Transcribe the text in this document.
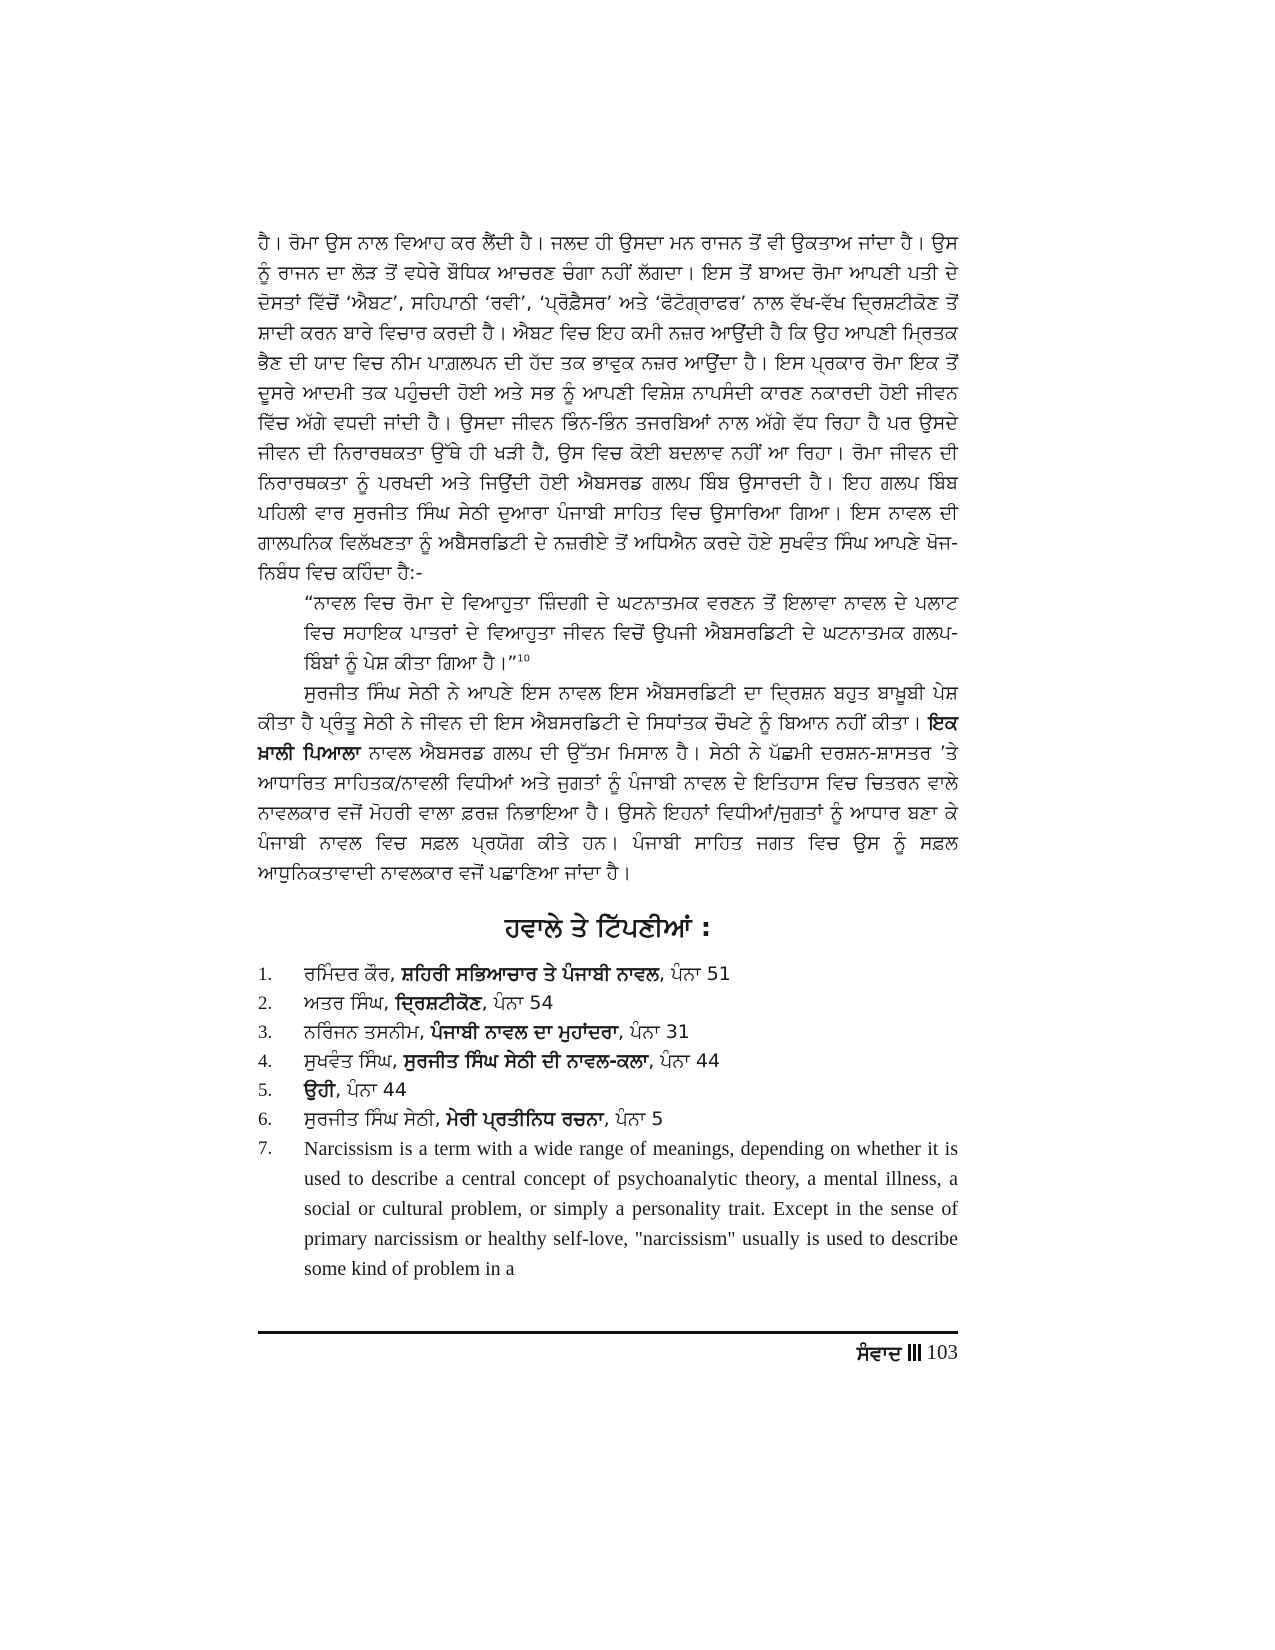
ਹੈ। ਰੋਮਾ ਉਸ ਨਾਲ ਵਿਆਹ ਕਰ ਲੈਂਦੀ ਹੈ। ਜਲਦ ਹੀ ਉਸਦਾ ਮਨ ਰਾਜਨ ਤੋਂ ਵੀ ਉਕਤਾਅ ਜਾਂਦਾ ਹੈ। ਉਸ ਨੂੰ ਰਾਜਨ ਦਾ ਲੋੜ ਤੋਂ ਵਧੇਰੇ ਬੌਧਿਕ ਆਚਰਣ ਚੰਗਾ ਨਹੀਂ ਲੱਗਦਾ। ਇਸ ਤੋਂ ਬਾਅਦ ਰੋਮਾ ਆਪਣੀ ਪਤੀ ਦੇ ਦੋਸਤਾਂ ਵਿੱਚੋਂ ‘ਐਬਟ’, ਸਹਿਪਾਠੀ ‘ਰਵੀ’, ‘ਪ੍ਰੋਫ਼ੈਸਰ’ ਅਤੇ ‘ਫੋਟੋਗ੍ਰਾਫਰ’ ਨਾਲ ਵੱਖ-ਵੱਖ ਦ੍ਰਿਸ਼ਟੀਕੋਣ ਤੋਂ ਸ਼ਾਦੀ ਕਰਨ ਬਾਰੇ ਵਿਚਾਰ ਕਰਦੀ ਹੈ। ਐਬਟ ਵਿਚ ਇਹ ਕਮੀ ਨਜ਼ਰ ਆਉਂਦੀ ਹੈ ਕਿ ਉਹ ਆਪਣੀ ਮ੍ਰਿਤਕ ਭੈਣ ਦੀ ਯਾਦ ਵਿਚ ਨੀਮ ਪਾਗ਼ਲਪਨ ਦੀ ਹੱਦ ਤਕ ਭਾਵੁਕ ਨਜ਼ਰ ਆਉਂਦਾ ਹੈ। ਇਸ ਪ੍ਰਕਾਰ ਰੋਮਾ ਇਕ ਤੋਂ ਦੂਸਰੇ ਆਦਮੀ ਤਕ ਪਹੁੰਚਦੀ ਹੋਈ ਅਤੇ ਸਭ ਨੂੰ ਆਪਣੀ ਵਿਸ਼ੇਸ਼ ਨਾਪਸੰਦੀ ਕਾਰਣ ਨਕਾਰਦੀ ਹੋਈ ਜੀਵਨ ਵਿੱਚ ਅੱਗੇ ਵਧਦੀ ਜਾਂਦੀ ਹੈ। ਉਸਦਾ ਜੀਵਨ ਭਿੰਨ-ਭਿੰਨ ਤਜਰਬਿਆਂ ਨਾਲ ਅੱਗੇ ਵੱਧ ਰਿਹਾ ਹੈ ਪਰ ਉਸਦੇ ਜੀਵਨ ਦੀ ਨਿਰਾਰਥਕਤਾ ਉੱਥੇ ਹੀ ਖੜੀ ਹੈ, ਉਸ ਵਿਚ ਕੋਈ ਬਦਲਾਵ ਨਹੀਂ ਆ ਰਿਹਾ। ਰੋਮਾ ਜੀਵਨ ਦੀ ਨਿਰਾਰਥਕਤਾ ਨੂੰ ਪਰਖਦੀ ਅਤੇ ਜਿਉਂਦੀ ਹੋਈ ਐਬਸਰਡ ਗਲਪ ਬਿੰਬ ਉਸਾਰਦੀ ਹੈ। ਇਹ ਗਲਪ ਬਿੰਬ ਪਹਿਲੀ ਵਾਰ ਸੁਰਜੀਤ ਸਿੰਘ ਸੇਠੀ ਦੁਆਰਾ ਪੰਜਾਬੀ ਸਾਹਿਤ ਵਿਚ ਉਸਾਰਿਆ ਗਿਆ। ਇਸ ਨਾਵਲ ਦੀ ਗਾਲਪਨਿਕ ਵਿਲੱਖਣਤਾ ਨੂੰ ਅਬੈਸਰਡਿਟੀ ਦੇ ਨਜ਼ਰੀਏ ਤੋਂ ਅਧਿਐਨ ਕਰਦੇ ਹੋਏ ਸੁਖਵੰਤ ਸਿੰਘ ਆਪਣੇ ਖੋਜ-ਨਿਬੰਧ ਵਿਚ ਕਹਿੰਦਾ ਹੈ:-

“ਨਾਵਲ ਵਿਚ ਰੋਮਾ ਦੇ ਵਿਆਹੁਤਾ ਜ਼ਿੰਦਗੀ ਦੇ ਘਟਨਾਤਮਕ ਵਰਣਨ ਤੋਂ ਇਲਾਵਾ ਨਾਵਲ ਦੇ ਪਲਾਟ ਵਿਚ ਸਹਾਇਕ ਪਾਤਰਾਂ ਦੇ ਵਿਆਹੁਤਾ ਜੀਵਨ ਵਿਚੋਂ ਉਪਜੀ ਐਬਸਰਡਿਟੀ ਦੇ ਘਟਨਾਤਮਕ ਗਲਪ-ਬਿੰਬਾਂ ਨੂੰ ਪੇਸ਼ ਕੀਤਾ ਗਿਆ ਹੈ।”$^{10}$

ਸੁਰਜੀਤ ਸਿੰਘ ਸੇਠੀ ਨੇ ਆਪਣੇ ਇਸ ਨਾਵਲ ਇਸ ਐਬਸਰਡਿਟੀ ਦਾ ਦ੍ਰਿਸ਼ਨ ਬਹੁਤ ਬਾਖ਼ੂਬੀ ਪੇਸ਼ ਕੀਤਾ ਹੈ ਪ੍ਰੰਤੂ ਸੇਠੀ ਨੇ ਜੀਵਨ ਦੀ ਇਸ ਐਬਸਰਡਿਟੀ ਦੇ ਸਿਧਾਂਤਕ ਚੌਖਟੇ ਨੂੰ ਬਿਆਨ ਨਹੀਂ ਕੀਤਾ। ਇਕ ਖ਼ਾਲੀ ਪਿਆਲਾ ਨਾਵਲ ਐਬਸਰਡ ਗਲਪ ਦੀ ਉੱਤਮ ਮਿਸਾਲ ਹੈ। ਸੇਠੀ ਨੇ ਪੱਛਮੀ ਦਰਸ਼ਨ-ਸ਼ਾਸਤਰ ’ਤੇ ਆਧਾਰਿਤ ਸਾਹਿਤਕ/ਨਾਵਲੀ ਵਿਧੀਆਂ ਅਤੇ ਜੁਗਤਾਂ ਨੂੰ ਪੰਜਾਬੀ ਨਾਵਲ ਦੇ ਇਤਿਹਾਸ ਵਿਚ ਚਿਤਰਨ ਵਾਲੇ ਨਾਵਲਕਾਰ ਵਜੋਂ ਮੋਹਰੀ ਵਾਲਾ ਫ਼ਰਜ਼ ਨਿਭਾਇਆ ਹੈ। ਉਸਨੇ ਇਹਨਾਂ ਵਿਧੀਆਂ/ਜੁਗਤਾਂ ਨੂੰ ਆਧਾਰ ਬਣਾ ਕੇ ਪੰਜਾਬੀ ਨਾਵਲ ਵਿਚ ਸਫ਼ਲ ਪ੍ਰਯੋਗ ਕੀਤੇ ਹਨ। ਪੰਜਾਬੀ ਸਾਹਿਤ ਜਗਤ ਵਿਚ ਉਸ ਨੂੰ ਸਫ਼ਲ ਆਧੁਨਿਕਤਾਵਾਦੀ ਨਾਵਲਕਾਰ ਵਜੋਂ ਪਛਾਣਿਆ ਜਾਂਦਾ ਹੈ।

ਹਵਾਲੇ ਤੇ ਟਿੱਪਣੀਆਂ :
1.	ਰਮਿੰਦਰ ਕੌਰ, ਸ਼ਹਿਰੀ ਸਭਿਆਚਾਰ ਤੇ ਪੰਜਾਬੀ ਨਾਵਲ, ਪੰਨਾ 51
2.	ਅਤਰ ਸਿੰਘ, ਦ੍ਰਿਸ਼ਟੀਕੋਣ, ਪੰਨਾ 54
3.	ਨਰਿੰਜਨ ਤਸਨੀਮ, ਪੰਜਾਬੀ ਨਾਵਲ ਦਾ ਮੁਹਾਂਦਰਾ, ਪੰਨਾ 31
4.	ਸੁਖਵੰਤ ਸਿੰਘ, ਸੁਰਜੀਤ ਸਿੰਘ ਸੇਠੀ ਦੀ ਨਾਵਲ-ਕਲਾ, ਪੰਨਾ 44
5.	ਉਹੀ, ਪੰਨਾ 44
6.	ਸੁਰਜੀਤ ਸਿੰਘ ਸੇਠੀ, ਮੇਰੀ ਪ੍ਰਤੀਨਿਧ ਰਚਨਾ, ਪੰਨਾ 5
7.	Narcissism is a term with a wide range of meanings, depending on whether it is used to describe a central concept of psychoanalytic theory, a mental illness, a social or cultural problem, or simply a personality trait. Except in the sense of primary narcissism or healthy self-love, "narcissism" usually is used to describe some kind of problem in a
ਸੰਵਾਦ 103
